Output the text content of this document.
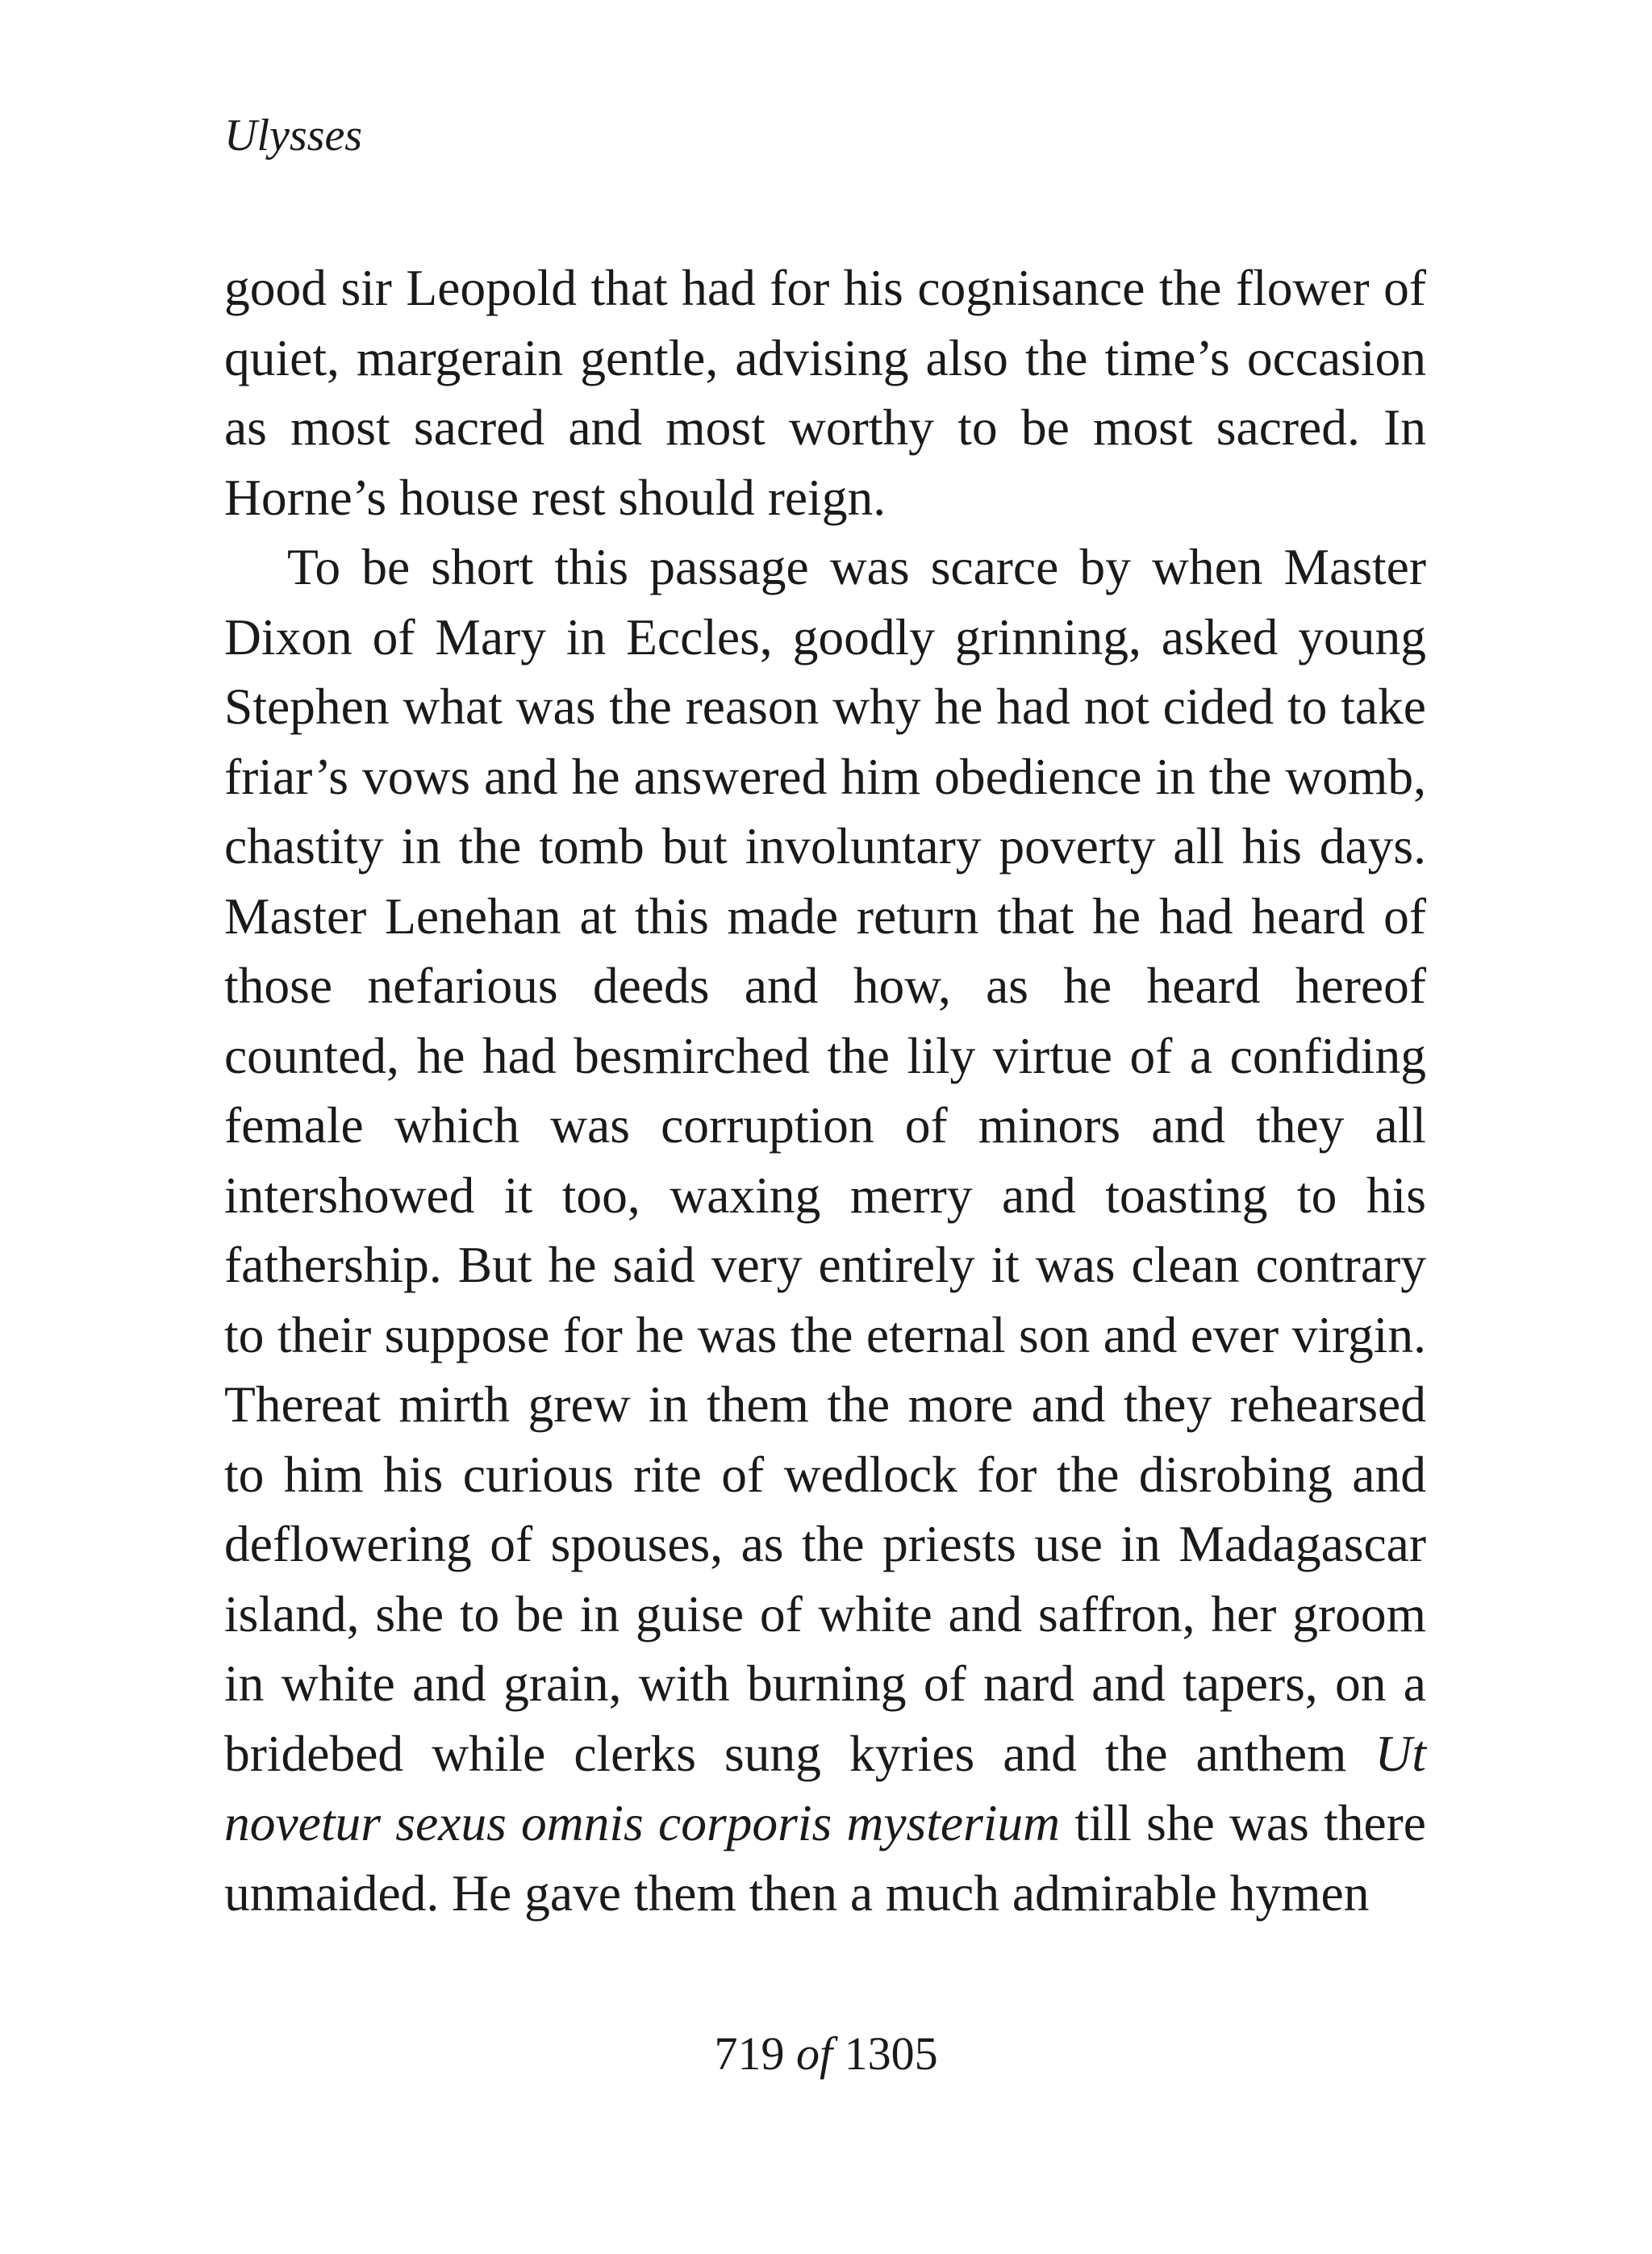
Ulysses

good sir Leopold that had for his cognisance the flower of quiet, margerain gentle, advising also the time’s occasion as most sacred and most worthy to be most sacred. In Horne’s house rest should reign.

To be short this passage was scarce by when Master Dixon of Mary in Eccles, goodly grinning, asked young Stephen what was the reason why he had not cided to take friar’s vows and he answered him obedience in the womb, chastity in the tomb but involuntary poverty all his days. Master Lenehan at this made return that he had heard of those nefarious deeds and how, as he heard hereof counted, he had besmirched the lily virtue of a confiding female which was corruption of minors and they all intershowed it too, waxing merry and toasting to his fathership. But he said very entirely it was clean contrary to their suppose for he was the eternal son and ever virgin. Thereat mirth grew in them the more and they rehearsed to him his curious rite of wedlock for the disrobing and deflowering of spouses, as the priests use in Madagascar island, she to be in guise of white and saffron, her groom in white and grain, with burning of nard and tapers, on a bridebed while clerks sung kyries and the anthem Ut novetur sexus omnis corporis mysterium till she was there unmaided. He gave them then a much admirable hymen

719 of 1305
